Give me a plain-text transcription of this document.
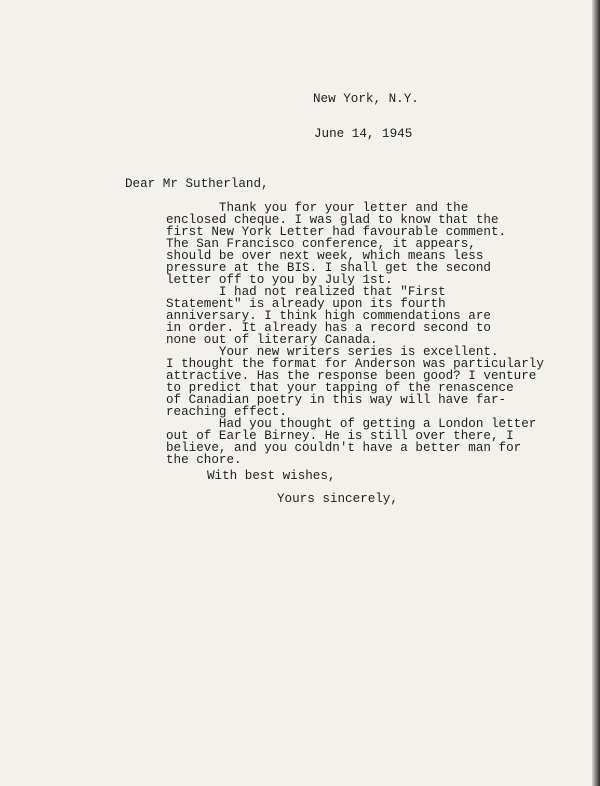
New York, N.Y.
June 14, 1945
Dear Mr Sutherland,
Thank you for your letter and the
enclosed cheque. I was glad to know that the
first New York Letter had favourable comment.
The San Francisco conference, it appears,
should be over next week, which means less
pressure at the BIS. I shall get the second
letter off to you by July 1st.
I had not realized that "First
Statement" is already upon its fourth
anniversary. I think high commendations are
in order. It already has a record second to
none out of literary Canada.
Your new writers series is excellent.
I thought the format for Anderson was particularly
attractive. Has the response been good? I venture
to predict that your tapping of the renascence
of Canadian poetry in this way will have far-
reaching effect.
Had you thought of getting a London letter
out of Earle Birney. He is still over there, I
believe, and you couldn't have a better man for
the chore.
With best wishes,
Yours sincerely,
